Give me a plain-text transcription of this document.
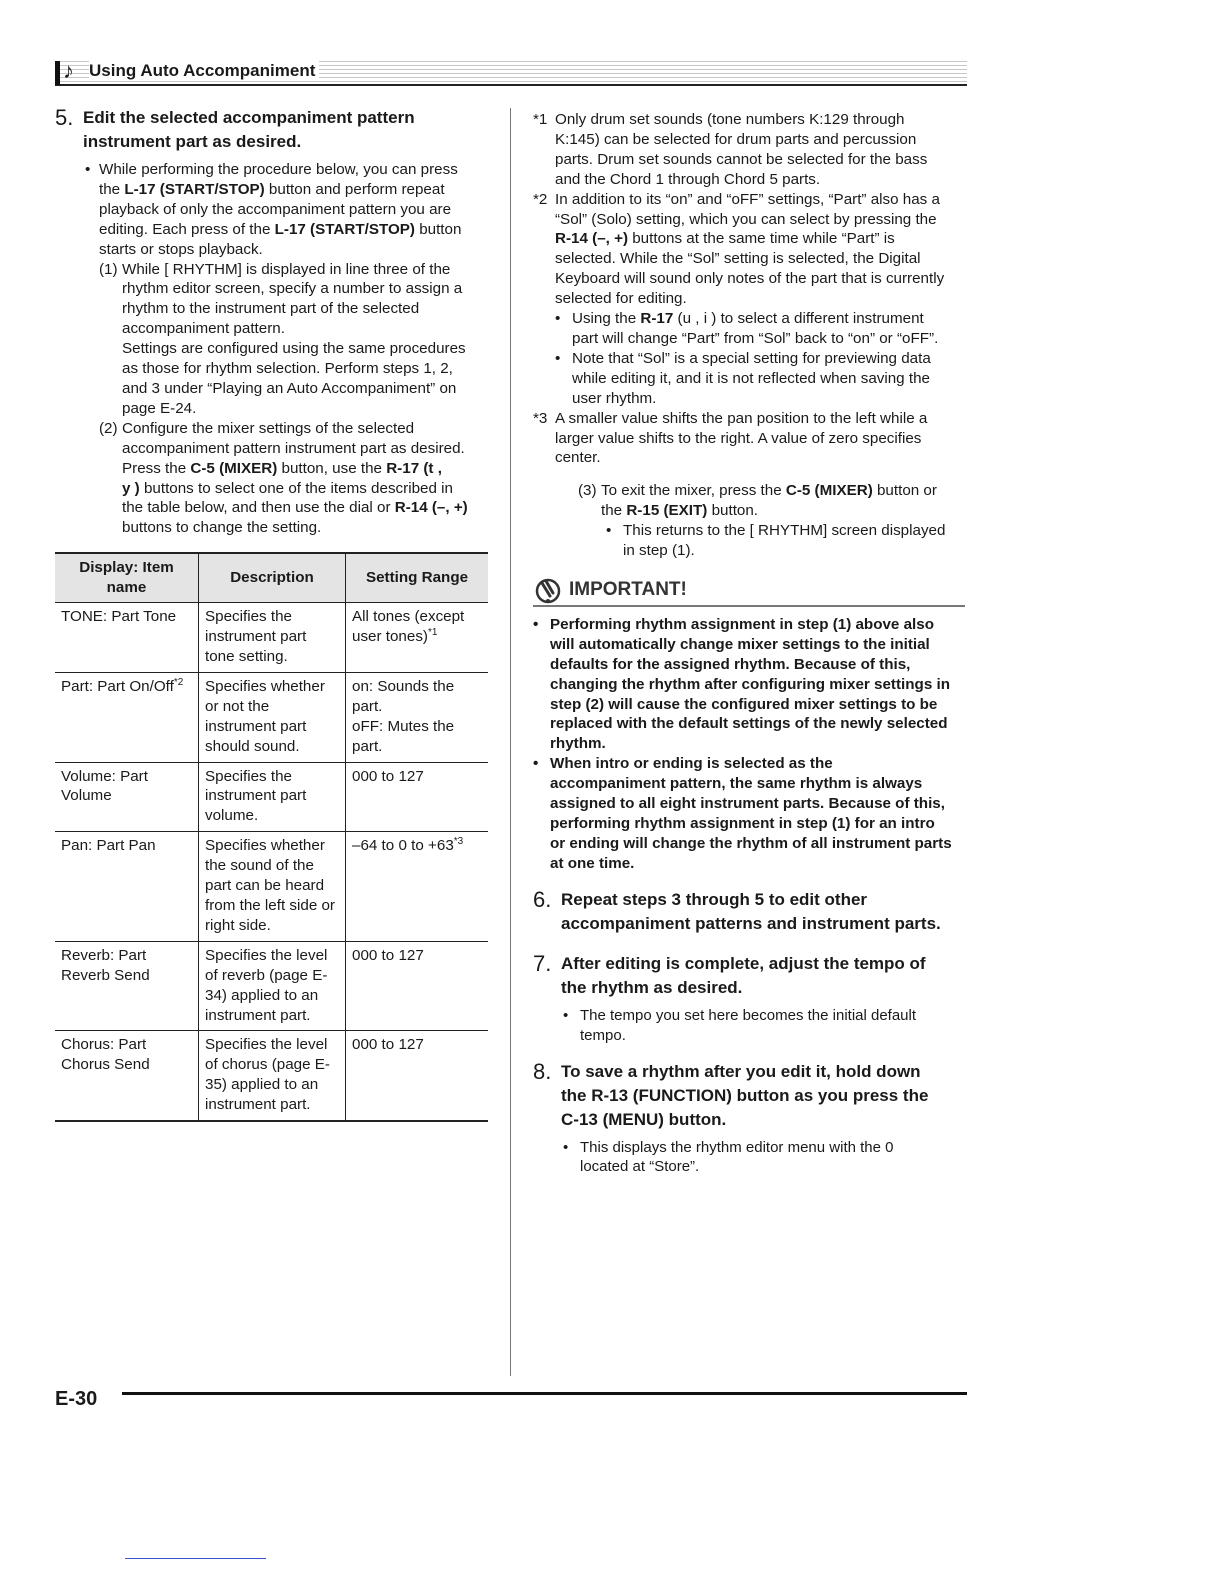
♪ Using Auto Accompaniment
5. Edit the selected accompaniment pattern
instrument part as desired.
• While performing the procedure below, you can press
the L-17 (START/STOP) button and perform repeat
playback of only the accompaniment pattern you are
editing. Each press of the L-17 (START/STOP) button
starts or stops playback.
(1) While [ RHYTHM] is displayed in line three of the
rhythm editor screen, specify a number to assign a
rhythm to the instrument part of the selected
accompaniment pattern.
Settings are configured using the same procedures
as those for rhythm selection. Perform steps 1, 2,
and 3 under “Playing an Auto Accompaniment” on
page E-24.
(2) Configure the mixer settings of the selected
accompaniment pattern instrument part as desired.
Press the C-5 (MIXER) button, use the R-17 (t ,
y ) buttons to select one of the items described in
the table below, and then use the dial or R-14 (–, +)
buttons to change the setting.
Display: Item name	Description	Setting Range
TONE: Part Tone	Specifies the instrument part tone setting.	All tones (except user tones)$^{*1}$
Part: Part On/Off$^{*2}$	Specifies whether or not the instrument part should sound.	on: Sounds the part.
oFF: Mutes the part.

Volume: Part Volume	Specifies the instrument part volume.	000 to 127
Pan: Part Pan	Specifies whether the sound of the part can be heard from the left side or right side.	–64 to 0 to $+63^{*3}$
Reverb: Part Reverb Send	Specifies the level of reverb (page E-34) applied to an instrument part.	000 to 127
Chorus: Part Chorus Send	Specifies the level of chorus (page E-35) applied to an instrument part.	000 to 127
*1 Only drum set sounds (tone numbers K:129 through
K:145) can be selected for drum parts and percussion
parts. Drum set sounds cannot be selected for the bass
and the Chord 1 through Chord 5 parts.
*2 In addition to its “on” and “oFF” settings, “Part” also has a
“Sol” (Solo) setting, which you can select by pressing the
R-14 (–, +) buttons at the same time while “Part” is
selected. While the “Sol” setting is selected, the Digital
Keyboard will sound only notes of the part that is currently
selected for editing.
• Using the R-17 (u , i ) to select a different instrument
part will change “Part” from “Sol” back to “on” or “oFF”.
• Note that “Sol” is a special setting for previewing data
while editing it, and it is not reflected when saving the
user rhythm.
*3 A smaller value shifts the pan position to the left while a
larger value shifts to the right. A value of zero specifies
center.
(3) To exit the mixer, press the C-5 (MIXER) button or
the R-15 (EXIT) button.
• This returns to the [ RHYTHM] screen displayed
in step (1).
IMPORTANT!
• Performing rhythm assignment in step (1) above also
will automatically change mixer settings to the initial
defaults for the assigned rhythm. Because of this,
changing the rhythm after configuring mixer settings in
step (2) will cause the configured mixer settings to be
replaced with the default settings of the newly selected
rhythm.
• When intro or ending is selected as the
accompaniment pattern, the same rhythm is always
assigned to all eight instrument parts. Because of this,
performing rhythm assignment in step (1) for an intro
or ending will change the rhythm of all instrument parts
at one time.
6. Repeat steps 3 through 5 to edit other
accompaniment patterns and instrument parts.
7. After editing is complete, adjust the tempo of
the rhythm as desired.
• The tempo you set here becomes the initial default
tempo.
8. To save a rhythm after you edit it, hold down
the R-13 (FUNCTION) button as you press the
C-13 (MENU) button.
• This displays the rhythm editor menu with the 0
located at “Store”.
E-30
